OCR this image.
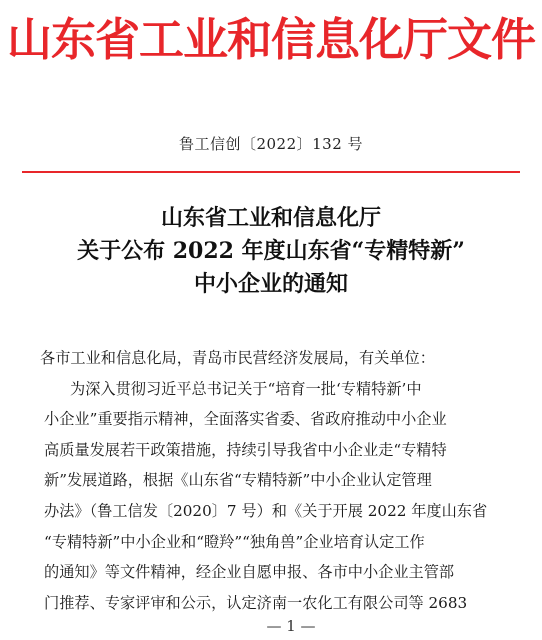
山东省工业和信息化厅文件
鲁工信创〔2022〕132 号
山东省工业和信息化厅
关于公布 2022 年度山东省“专精特新”
中小企业的通知
各市工业和信息化局，青岛市民营经济发展局，有关单位：
为深入贯彻习近平总书记关于“培育一批‘专精特新’中
小企业”重要指示精神，全面落实省委、省政府推动中小企业
高质量发展若干政策措施，持续引导我省中小企业走“专精特
新”发展道路，根据《山东省“专精特新”中小企业认定管理
办法》（鲁工信发〔2020〕7 号）和《关于开展 2022 年度山东省
“专精特新”中小企业和“瞪羚”“独角兽”企业培育认定工作
的通知》等文件精神，经企业自愿申报、各市中小企业主管部
门推荐、专家评审和公示，认定济南一农化工有限公司等 2683
— 1 —
